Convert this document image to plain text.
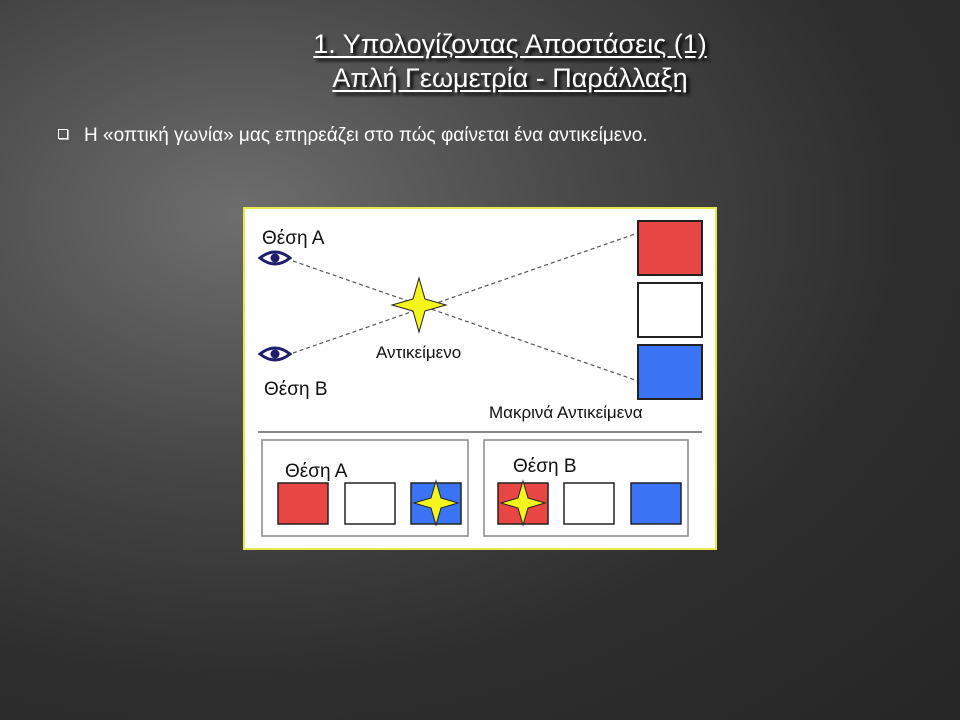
1. Υπολογίζοντας Αποστάσεις (1)
Απλή Γεωμετρία - Παράλλαξη
Η «οπτική γωνία» μας επηρεάζει στο πώς φαίνεται ένα αντικείμενο.
Θέση Α
Θέση Β
Αντικείμενο
Μακρινά Αντικείμενα
Θέση Α	Θέση Β
